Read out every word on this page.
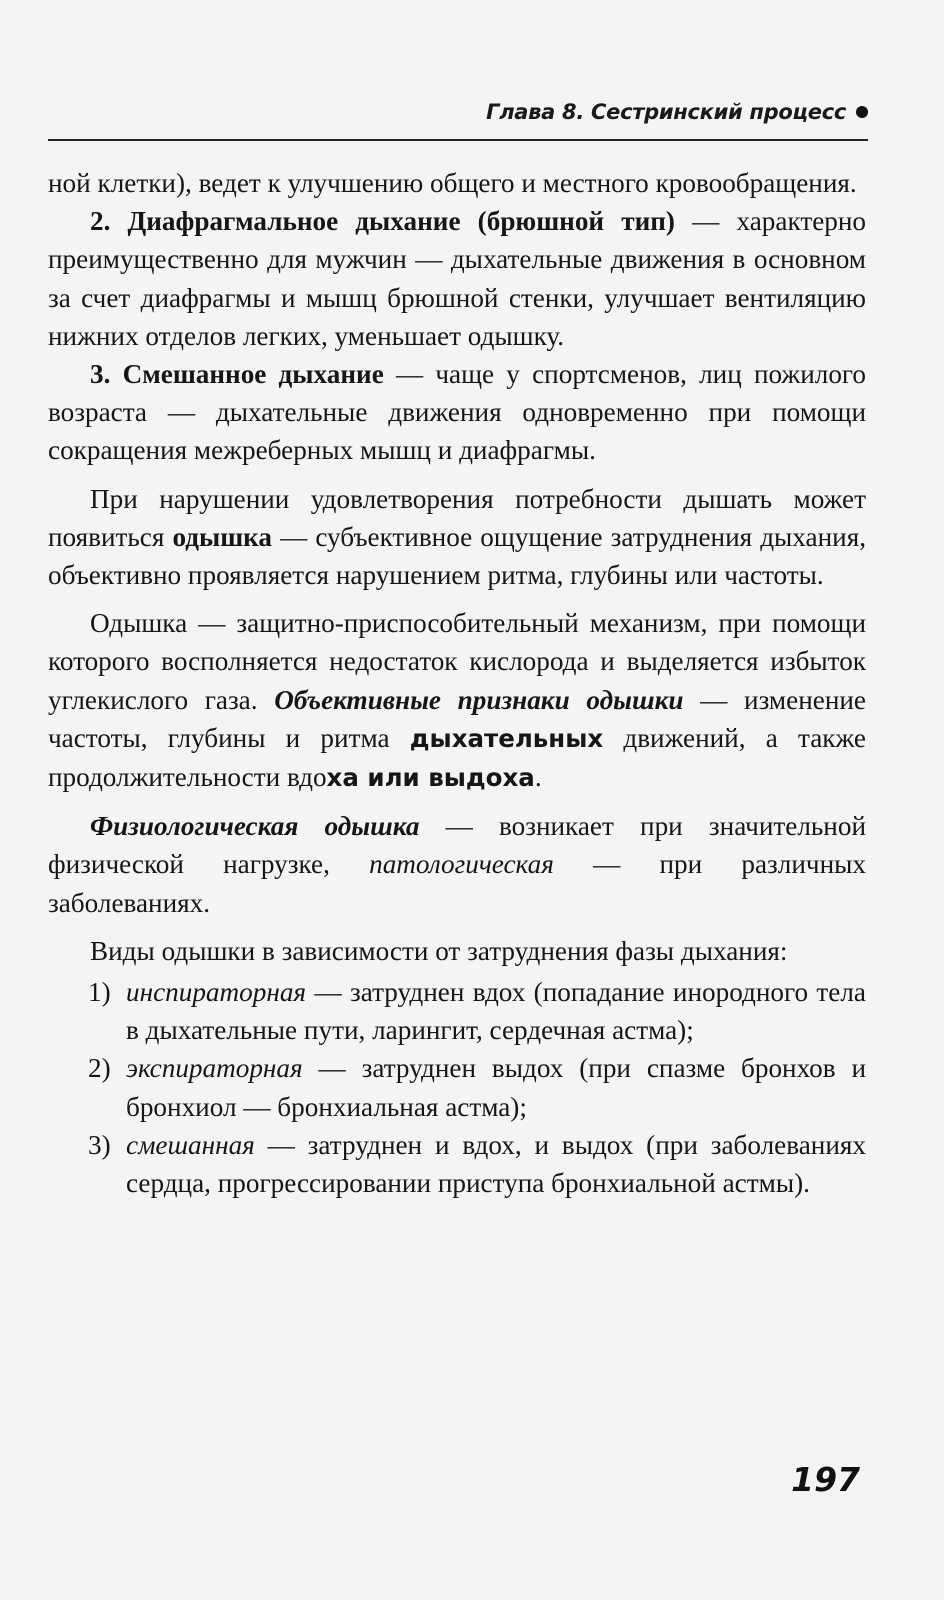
Глава 8. Сестринский процесс

ной клетки), ведет к улучшению общего и местного кровообращения.

2. Диафрагмальное дыхание (брюшной тип) — характерно преимущественно для мужчин — дыхательные движения в основном за счет диафрагмы и мышц брюшной стенки, улучшает вентиляцию нижних отделов легких, уменьшает одышку.

3. Смешанное дыхание — чаще у спортсменов, лиц пожилого возраста — дыхательные движения одновременно при помощи сокращения межреберных мышц и диафрагмы.

При нарушении удовлетворения потребности дышать может появиться одышка — субъективное ощущение затруднения дыхания, объективно проявляется нарушением ритма, глубины или частоты.

Одышка — защитно-приспособительный механизм, при помощи которого восполняется недостаток кислорода и выделяется избыток углекислого газа. Объективные признаки одышки — изменение частоты, глубины и ритма дыхательных движений, а также продолжительности вдоха или выдоха.

Физиологическая одышка — возникает при значительной физической нагрузке, патологическая — при различных заболеваниях.

Виды одышки в зависимости от затруднения фазы дыхания:

1) инспираторная — затруднен вдох (попадание инородного тела в дыхательные пути, ларингит, сердечная астма);
2) экспираторная — затруднен выдох (при спазме бронхов и бронхиол — бронхиальная астма);
3) смешанная — затруднен и вдох, и выдох (при заболеваниях сердца, прогрессировании приступа бронхиальной астмы).
197
